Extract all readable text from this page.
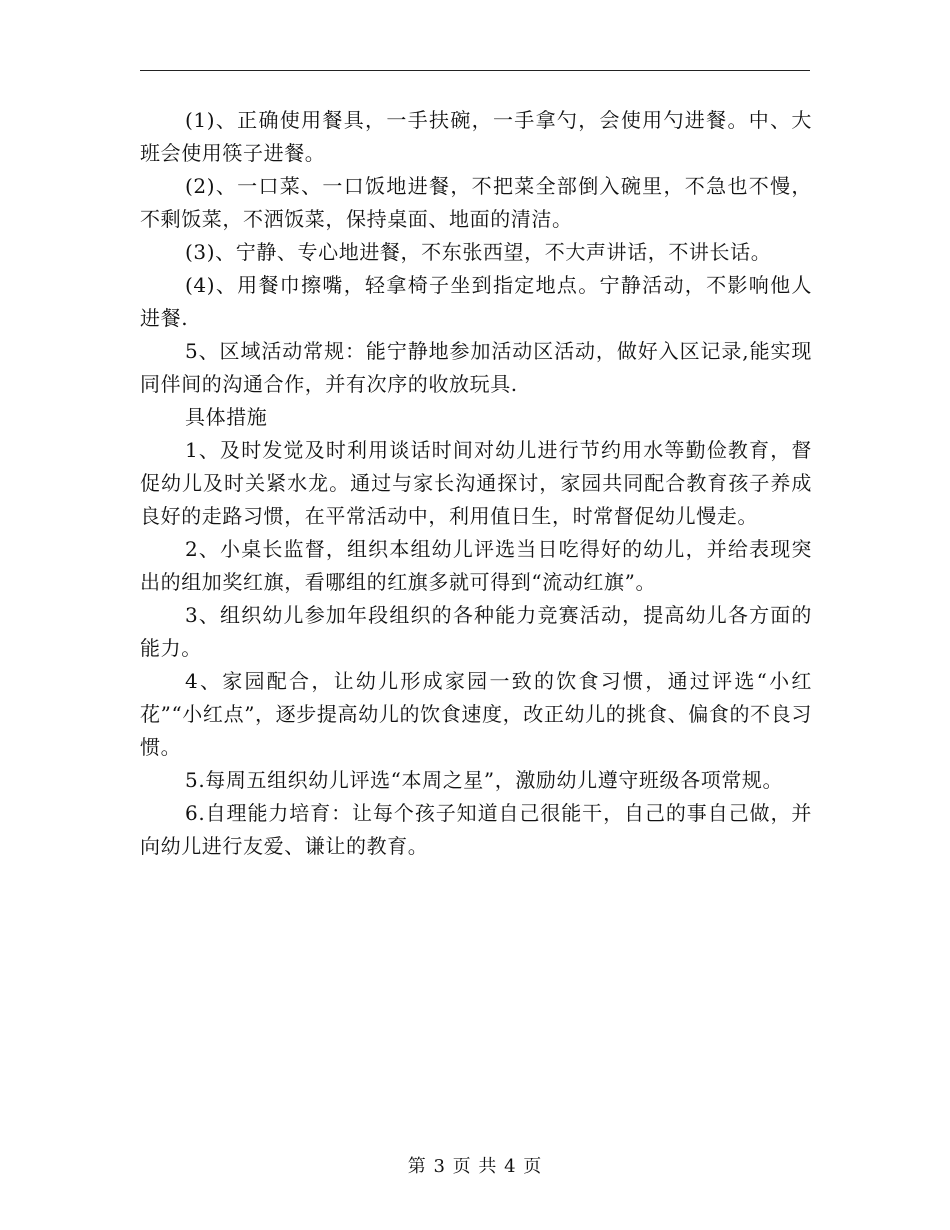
(1)、正确使用餐具，一手扶碗，一手拿勺，会使用勺进餐。中、大班会使用筷子进餐。

(2)、一口菜、一口饭地进餐，不把菜全部倒入碗里，不急也不慢，不剩饭菜，不洒饭菜，保持桌面、地面的清洁。

(3)、宁静、专心地进餐，不东张西望，不大声讲话，不讲长话。

(4)、用餐巾擦嘴，轻拿椅子坐到指定地点。宁静活动，不影响他人进餐.

5、区域活动常规：能宁静地参加活动区活动，做好入区记录,能实现同伴间的沟通合作，并有次序的收放玩具.

具体措施

1、及时发觉及时利用谈话时间对幼儿进行节约用水等勤俭教育，督促幼儿及时关紧水龙。通过与家长沟通探讨，家园共同配合教育孩子养成良好的走路习惯，在平常活动中，利用值日生，时常督促幼儿慢走。

2、小桌长监督，组织本组幼儿评选当日吃得好的幼儿，并给表现突出的组加奖红旗，看哪组的红旗多就可得到“流动红旗”。

3、组织幼儿参加年段组织的各种能力竞赛活动，提高幼儿各方面的能力。

4、家园配合，让幼儿形成家园一致的饮食习惯，通过评选“小红花”“小红点”，逐步提高幼儿的饮食速度，改正幼儿的挑食、偏食的不良习惯。

5.每周五组织幼儿评选“本周之星”，激励幼儿遵守班级各项常规。

6.自理能力培育：让每个孩子知道自己很能干，自己的事自己做，并向幼儿进行友爱、谦让的教育。

第 3 页 共 4 页
